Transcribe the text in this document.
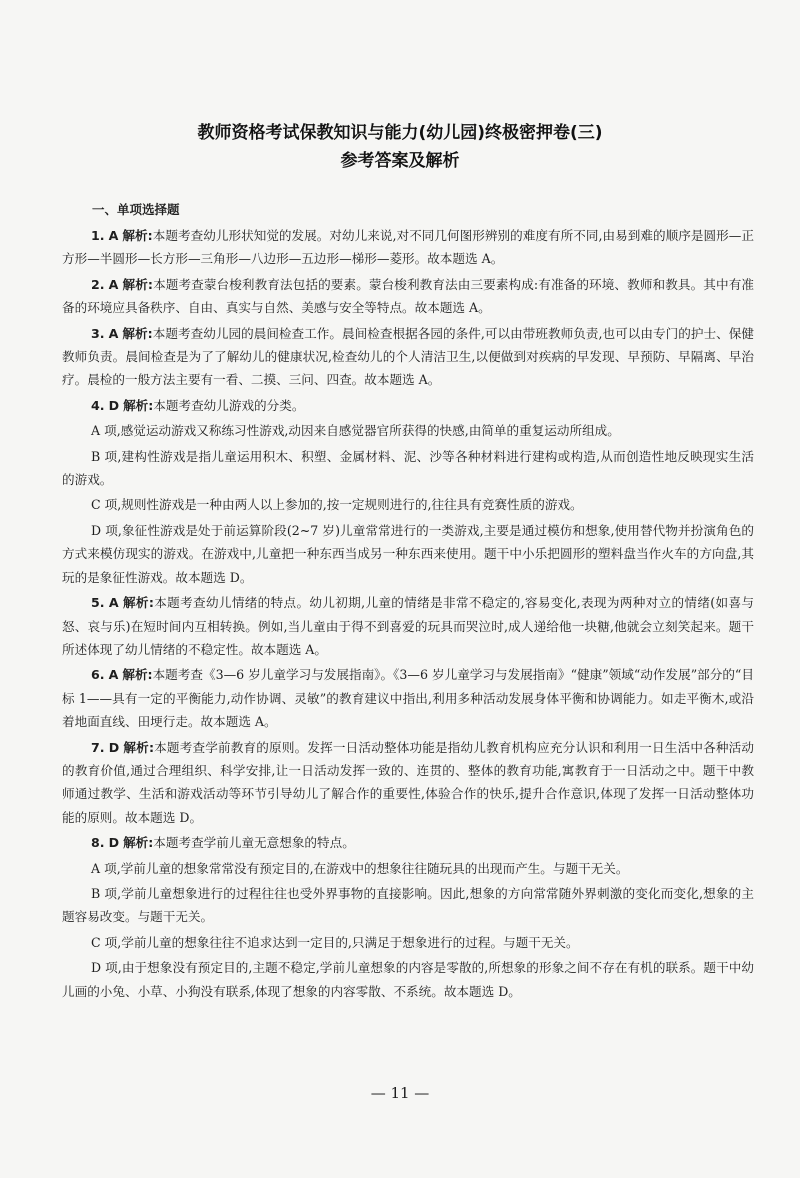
教师资格考试保教知识与能力(幼儿园)终极密押卷(三)
参考答案及解析
一、单项选择题

1. A 解析:本题考查幼儿形状知觉的发展。对幼儿来说,对不同几何图形辨别的难度有所不同,由易到难的顺序是圆形—正方形—半圆形—长方形—三角形—八边形—五边形—梯形—菱形。故本题选 A。

2. A 解析:本题考查蒙台梭利教育法包括的要素。蒙台梭利教育法由三要素构成:有准备的环境、教师和教具。其中有准备的环境应具备秩序、自由、真实与自然、美感与安全等特点。故本题选 A。

3. A 解析:本题考查幼儿园的晨间检查工作。晨间检查根据各园的条件,可以由带班教师负责,也可以由专门的护士、保健教师负责。晨间检查是为了了解幼儿的健康状况,检查幼儿的个人清洁卫生,以便做到对疾病的早发现、早预防、早隔离、早治疗。晨检的一般方法主要有一看、二摸、三问、四查。故本题选 A。

4. D 解析:本题考查幼儿游戏的分类。

A 项,感觉运动游戏又称练习性游戏,动因来自感觉器官所获得的快感,由简单的重复运动所组成。

B 项,建构性游戏是指儿童运用积木、积塑、金属材料、泥、沙等各种材料进行建构或构造,从而创造性地反映现实生活的游戏。

C 项,规则性游戏是一种由两人以上参加的,按一定规则进行的,往往具有竞赛性质的游戏。

D 项,象征性游戏是处于前运算阶段(2~7 岁)儿童常常进行的一类游戏,主要是通过模仿和想象,使用替代物并扮演角色的方式来模仿现实的游戏。在游戏中,儿童把一种东西当成另一种东西来使用。题干中小乐把圆形的塑料盘当作火车的方向盘,其玩的是象征性游戏。故本题选 D。

5. A 解析:本题考查幼儿情绪的特点。幼儿初期,儿童的情绪是非常不稳定的,容易变化,表现为两种对立的情绪(如喜与怒、哀与乐)在短时间内互相转换。例如,当儿童由于得不到喜爱的玩具而哭泣时,成人递给他一块糖,他就会立刻笑起来。题干所述体现了幼儿情绪的不稳定性。故本题选 A。

6. A 解析:本题考查《3—6 岁儿童学习与发展指南》。《3—6 岁儿童学习与发展指南》“健康”领域“动作发展”部分的“目标 1——具有一定的平衡能力,动作协调、灵敏”的教育建议中指出,利用多种活动发展身体平衡和协调能力。如走平衡木,或沿着地面直线、田埂行走。故本题选 A。

7. D 解析:本题考查学前教育的原则。发挥一日活动整体功能是指幼儿教育机构应充分认识和利用一日生活中各种活动的教育价值,通过合理组织、科学安排,让一日活动发挥一致的、连贯的、整体的教育功能,寓教育于一日活动之中。题干中教师通过教学、生活和游戏活动等环节引导幼儿了解合作的重要性,体验合作的快乐,提升合作意识,体现了发挥一日活动整体功能的原则。故本题选 D。

8. D 解析:本题考查学前儿童无意想象的特点。

A 项,学前儿童的想象常常没有预定目的,在游戏中的想象往往随玩具的出现而产生。与题干无关。

B 项,学前儿童想象进行的过程往往也受外界事物的直接影响。因此,想象的方向常常随外界刺激的变化而变化,想象的主题容易改变。与题干无关。

C 项,学前儿童的想象往往不追求达到一定目的,只满足于想象进行的过程。与题干无关。

D 项,由于想象没有预定目的,主题不稳定,学前儿童想象的内容是零散的,所想象的形象之间不存在有机的联系。题干中幼儿画的小兔、小草、小狗没有联系,体现了想象的内容零散、不系统。故本题选 D。

— 11 —
